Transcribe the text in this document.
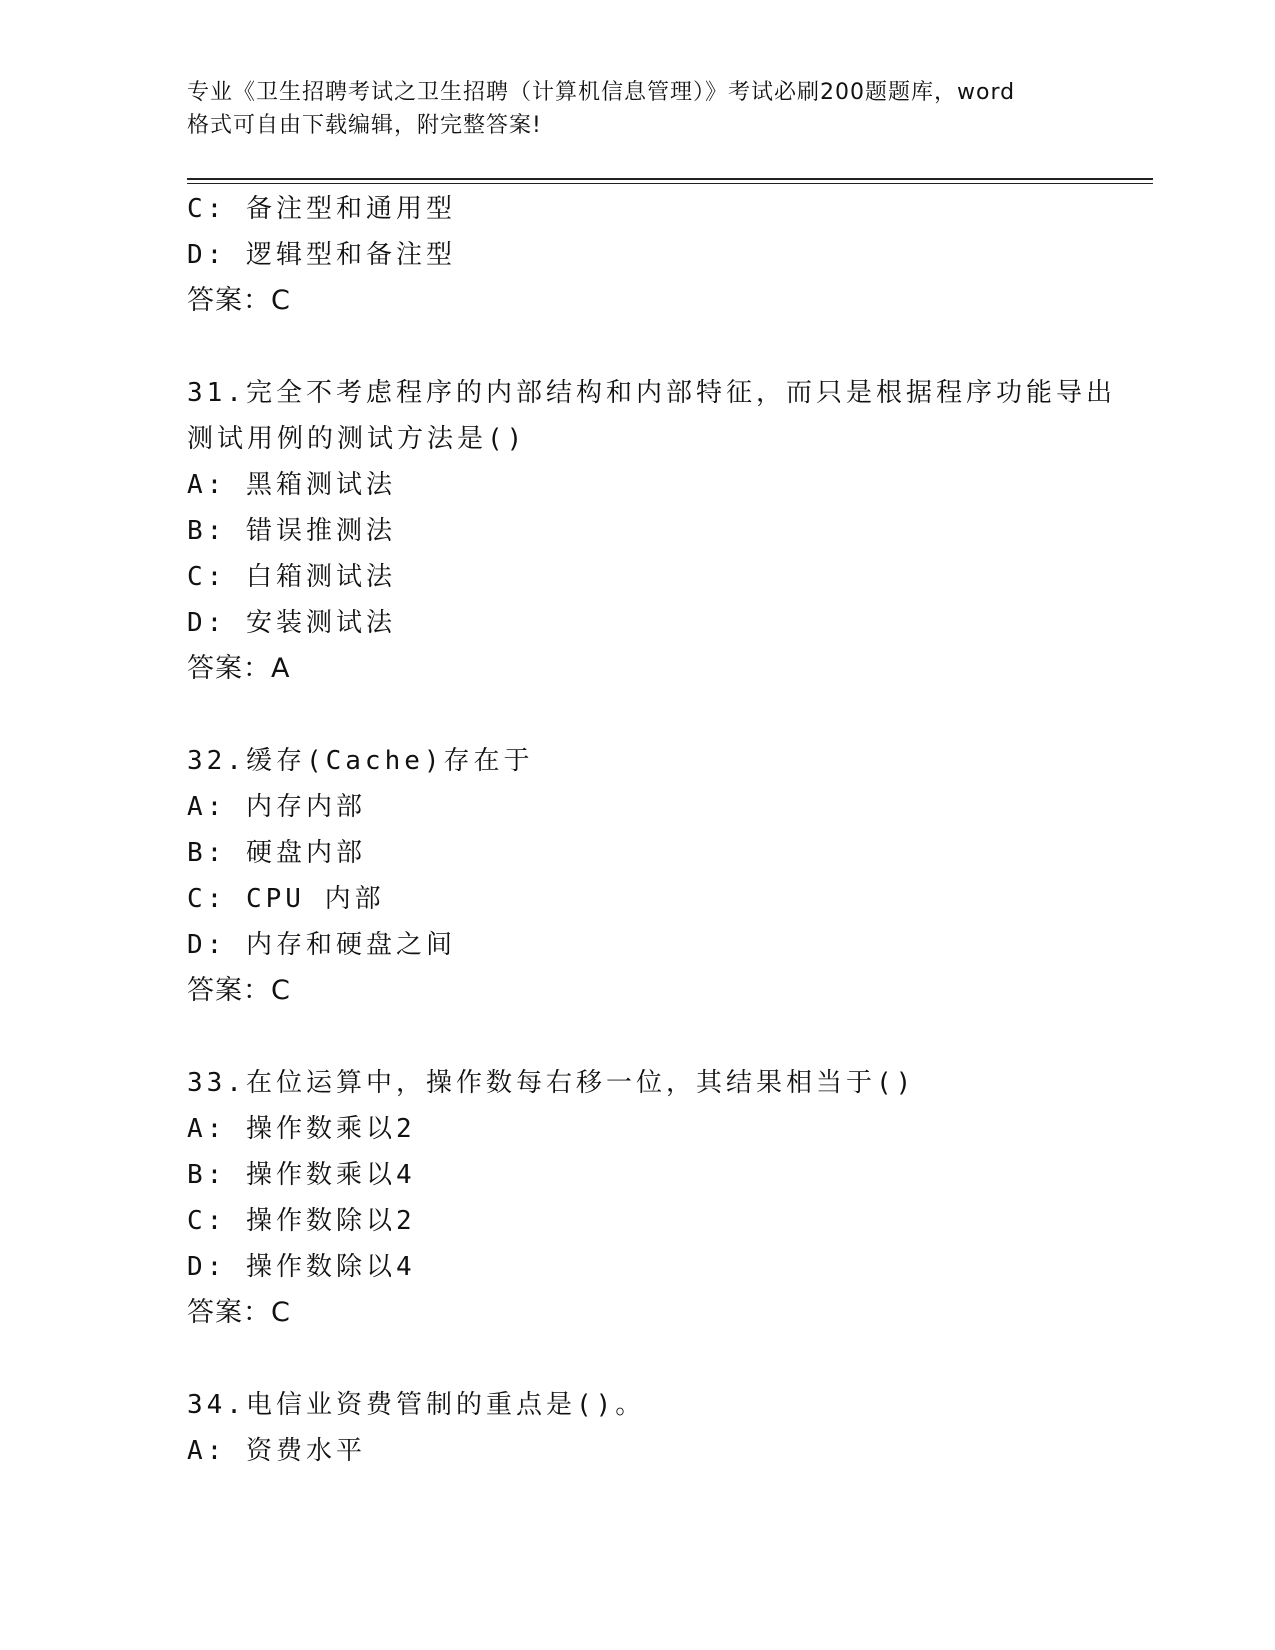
专业《卫生招聘考试之卫生招聘（计算机信息管理）》考试必刷200题题库，word
格式可自由下载编辑，附完整答案!
C: 备注型和通用型
D: 逻辑型和备注型
答案：C
31.完全不考虑程序的内部结构和内部特征，而只是根据程序功能导出
测试用例的测试方法是()
A: 黑箱测试法
B: 错误推测法
C: 白箱测试法
D: 安装测试法
答案：A
32.缓存(Cache)存在于
A: 内存内部
B: 硬盘内部
C: CPU 内部
D: 内存和硬盘之间
答案：C
33.在位运算中，操作数每右移一位，其结果相当于()
A: 操作数乘以2
B: 操作数乘以4
C: 操作数除以2
D: 操作数除以4
答案：C
34.电信业资费管制的重点是()。
A: 资费水平
